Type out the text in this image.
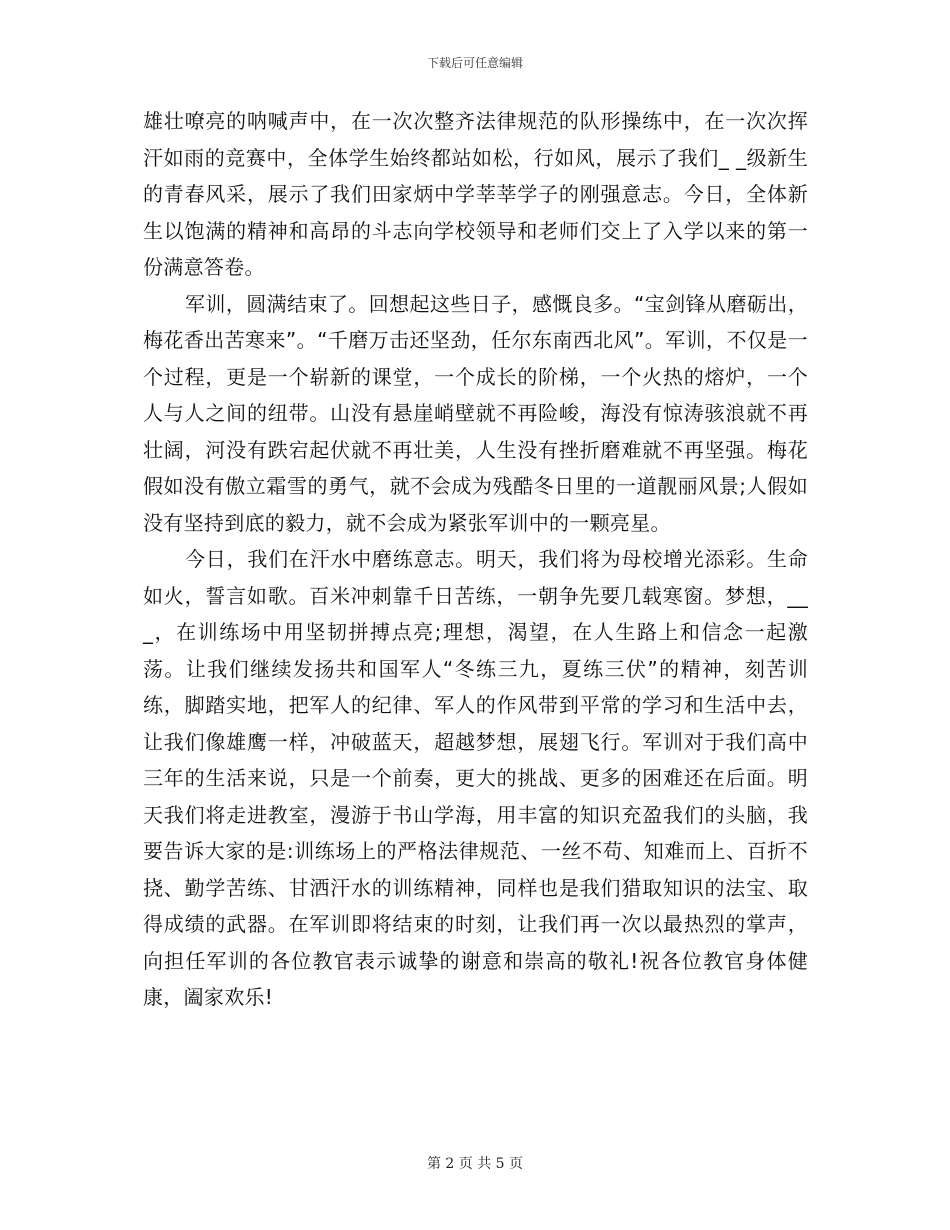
下载后可任意编辑

雄壮嘹亮的呐喊声中，在一次次整齐法律规范的队形操练中，在一次次挥汗如雨的竞赛中，全体学生始终都站如松，行如风，展示了我们_ _级新生的青春风采，展示了我们田家炳中学莘莘学子的刚强意志。今日，全体新生以饱满的精神和高昂的斗志向学校领导和老师们交上了入学以来的第一份满意答卷。

军训，圆满结束了。回想起这些日子，感慨良多。“宝剑锋从磨砺出，梅花香出苦寒来”。“千磨万击还坚劲，任尔东南西北风”。军训，不仅是一个过程，更是一个崭新的课堂，一个成长的阶梯，一个火热的熔炉，一个人与人之间的纽带。山没有悬崖峭壁就不再险峻，海没有惊涛骇浪就不再壮阔，河没有跌宕起伏就不再壮美，人生没有挫折磨难就不再坚强。梅花假如没有傲立霜雪的勇气，就不会成为残酷冬日里的一道靓丽风景;人假如没有坚持到底的毅力，就不会成为紧张军训中的一颗亮星。

今日，我们在汗水中磨练意志。明天，我们将为母校增光添彩。生命如火，誓言如歌。百米冲刺靠千日苦练，一朝争先要几载寒窗。梦想，___，在训练场中用坚韧拼搏点亮;理想，渴望，在人生路上和信念一起激荡。让我们继续发扬共和国军人“冬练三九，夏练三伏”的精神，刻苦训练，脚踏实地，把军人的纪律、军人的作风带到平常的学习和生活中去，让我们像雄鹰一样，冲破蓝天，超越梦想，展翅飞行。军训对于我们高中三年的生活来说，只是一个前奏，更大的挑战、更多的困难还在后面。明天我们将走进教室，漫游于书山学海，用丰富的知识充盈我们的头脑，我要告诉大家的是:训练场上的严格法律规范、一丝不苟、知难而上、百折不挠、勤学苦练、甘洒汗水的训练精神，同样也是我们猎取知识的法宝、取得成绩的武器。在军训即将结束的时刻，让我们再一次以最热烈的掌声，向担任军训的各位教官表示诚挚的谢意和崇高的敬礼!祝各位教官身体健康，阖家欢乐!

第 2 页 共 5 页
